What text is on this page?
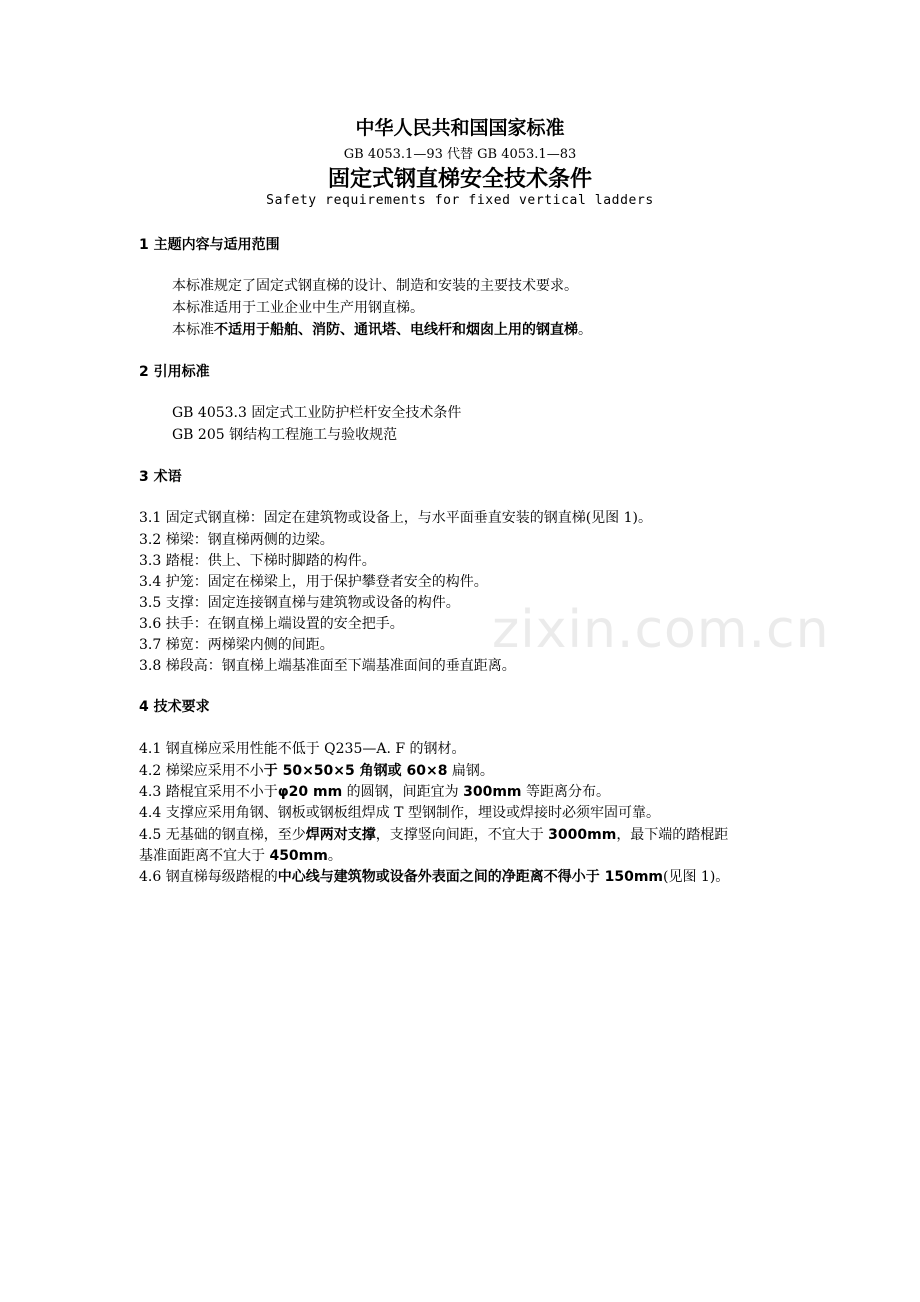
zixin.com.cn
中华人民共和国国家标准
GB 4053.1—93 代替 GB 4053.1—83
固定式钢直梯安全技术条件
Safety requirements for fixed vertical ladders
1 主题内容与适用范围
本标准规定了固定式钢直梯的设计、制造和安装的主要技术要求。
本标准适用于工业企业中生产用钢直梯。
本标准不适用于船舶、消防、通讯塔、电线杆和烟囱上用的钢直梯。
2 引用标准
GB 4053.3 固定式工业防护栏杆安全技术条件
GB 205 钢结构工程施工与验收规范
3 术语
3.1 固定式钢直梯：固定在建筑物或设备上，与水平面垂直安装的钢直梯(见图 1)。
3.2 梯梁：钢直梯两侧的边梁。
3.3 踏棍：供上、下梯时脚踏的构件。
3.4 护笼：固定在梯梁上，用于保护攀登者安全的构件。
3.5 支撑：固定连接钢直梯与建筑物或设备的构件。
3.6 扶手：在钢直梯上端设置的安全把手。
3.7 梯宽：两梯梁内侧的间距。
3.8 梯段高：钢直梯上端基准面至下端基准面间的垂直距离。
4 技术要求
4.1 钢直梯应采用性能不低于 Q235—A. F 的钢材。
4.2 梯梁应采用不小于 50×50×5 角钢或 60×8 扁钢。
4.3 踏棍宜采用不小于φ20 mm 的圆钢，间距宜为 300mm 等距离分布。
4.4 支撑应采用角钢、钢板或钢板组焊成 T 型钢制作，埋设或焊接时必须牢固可靠。
4.5 无基础的钢直梯，至少焊两对支撑，支撑竖向间距，不宜大于 3000mm，最下端的踏棍距
基准面距离不宜大于 450mm。
4.6 钢直梯每级踏棍的中心线与建筑物或设备外表面之间的净距离不得小于 150mm(见图 1)。
